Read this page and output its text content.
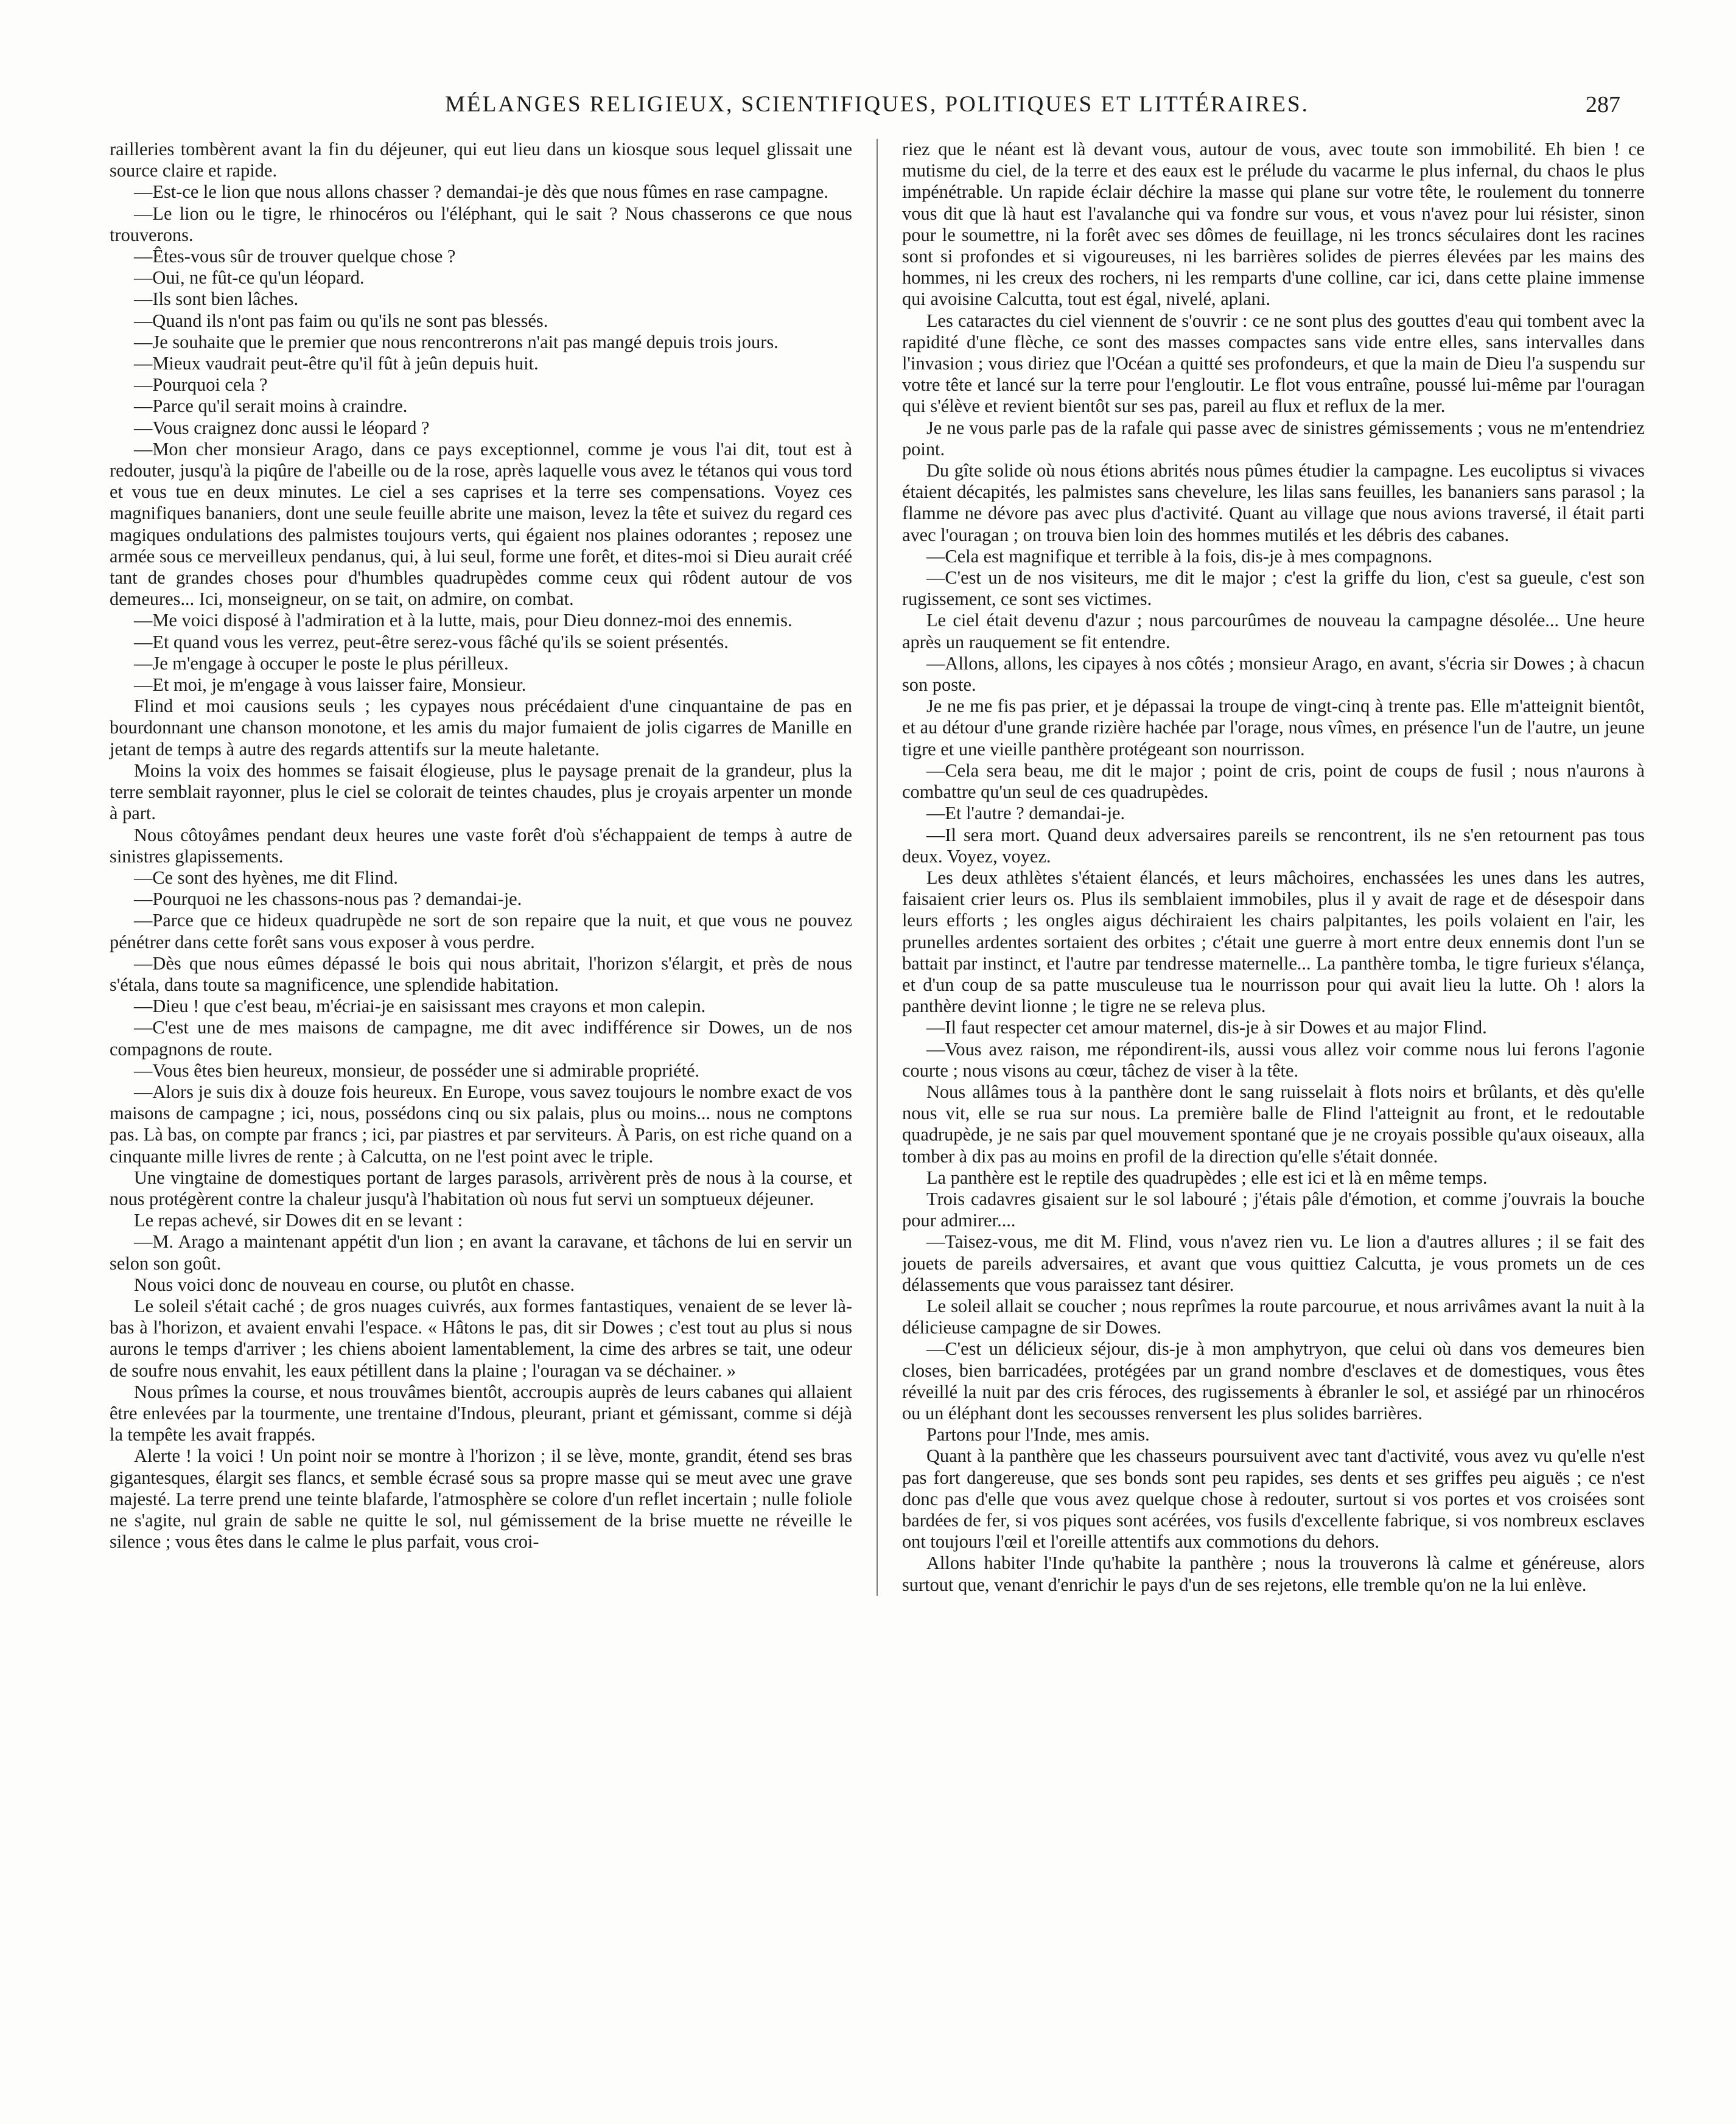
MÉLANGES RELIGIEUX, SCIENTIFIQUES, POLITIQUES ET LITTÉRAIRES.	287

railleries tombèrent avant la fin du déjeuner, qui eut lieu dans un kiosque sous lequel glissait une source claire et rapide.

—Est-ce le lion que nous allons chasser ? demandai-je dès que nous fûmes en rase campagne.

—Le lion ou le tigre, le rhinocéros ou l'éléphant, qui le sait ? Nous chasserons ce que nous trouverons.

—Êtes-vous sûr de trouver quelque chose ?

—Oui, ne fût-ce qu'un léopard.

—Ils sont bien lâches.

—Quand ils n'ont pas faim ou qu'ils ne sont pas blessés.

—Je souhaite que le premier que nous rencontrerons n'ait pas mangé depuis trois jours.

—Mieux vaudrait peut-être qu'il fût à jeûn depuis huit.

—Pourquoi cela ?

—Parce qu'il serait moins à craindre.

—Vous craignez donc aussi le léopard ?

—Mon cher monsieur Arago, dans ce pays exceptionnel, comme je vous l'ai dit, tout est à redouter, jusqu'à la piqûre de l'abeille ou de la rose, après laquelle vous avez le tétanos qui vous tord et vous tue en deux minutes. Le ciel a ses caprises et la terre ses compensations. Voyez ces magnifiques bananiers, dont une seule feuille abrite une maison, levez la tête et suivez du regard ces magiques ondulations des palmistes toujours verts, qui égaient nos plaines odorantes ; reposez une armée sous ce merveilleux pendanus, qui, à lui seul, forme une forêt, et dites-moi si Dieu aurait créé tant de grandes choses pour d'humbles quadrupèdes comme ceux qui rôdent autour de vos demeures... Ici, monseigneur, on se tait, on admire, on combat.

—Me voici disposé à l'admiration et à la lutte, mais, pour Dieu donnez-moi des ennemis.

—Et quand vous les verrez, peut-être serez-vous fâché qu'ils se soient présentés.

—Je m'engage à occuper le poste le plus périlleux.

—Et moi, je m'engage à vous laisser faire, Monsieur.

Flind et moi causions seuls ; les cypayes nous précédaient d'une cinquantaine de pas en bourdonnant une chanson monotone, et les amis du major fumaient de jolis cigarres de Manille en jetant de temps à autre des regards attentifs sur la meute haletante.

Moins la voix des hommes se faisait élogieuse, plus le paysage prenait de la grandeur, plus la terre semblait rayonner, plus le ciel se colorait de teintes chaudes, plus je croyais arpenter un monde à part.

Nous côtoyâmes pendant deux heures une vaste forêt d'où s'échappaient de temps à autre de sinistres glapissements.

—Ce sont des hyènes, me dit Flind.

—Pourquoi ne les chassons-nous pas ? demandai-je.

—Parce que ce hideux quadrupède ne sort de son repaire que la nuit, et que vous ne pouvez pénétrer dans cette forêt sans vous exposer à vous perdre.

—Dès que nous eûmes dépassé le bois qui nous abritait, l'horizon s'élargit, et près de nous s'étala, dans toute sa magnificence, une splendide habitation.

—Dieu ! que c'est beau, m'écriai-je en saisissant mes crayons et mon calepin.

—C'est une de mes maisons de campagne, me dit avec indifférence sir Dowes, un de nos compagnons de route.

—Vous êtes bien heureux, monsieur, de posséder une si admirable propriété.

—Alors je suis dix à douze fois heureux. En Europe, vous savez toujours le nombre exact de vos maisons de campagne ; ici, nous, possédons cinq ou six palais, plus ou moins... nous ne comptons pas. Là bas, on compte par francs ; ici, par piastres et par serviteurs. À Paris, on est riche quand on a cinquante mille livres de rente ; à Calcutta, on ne l'est point avec le triple.

Une vingtaine de domestiques portant de larges parasols, arrivèrent près de nous à la course, et nous protégèrent contre la chaleur jusqu'à l'habitation où nous fut servi un somptueux déjeuner.

Le repas achevé, sir Dowes dit en se levant :

—M. Arago a maintenant appétit d'un lion ; en avant la caravane, et tâchons de lui en servir un selon son goût.

Nous voici donc de nouveau en course, ou plutôt en chasse.

Le soleil s'était caché ; de gros nuages cuivrés, aux formes fantastiques, venaient de se lever là-bas à l'horizon, et avaient envahi l'espace. « Hâtons le pas, dit sir Dowes ; c'est tout au plus si nous aurons le temps d'arriver ; les chiens aboient lamentablement, la cime des arbres se tait, une odeur de soufre nous envahit, les eaux pétillent dans la plaine ; l'ouragan va se déchainer. »

Nous prîmes la course, et nous trouvâmes bientôt, accroupis auprès de leurs cabanes qui allaient être enlevées par la tourmente, une trentaine d'Indous, pleurant, priant et gémissant, comme si déjà la tempête les avait frappés.

Alerte ! la voici ! Un point noir se montre à l'horizon ; il se lève, monte, grandit, étend ses bras gigantesques, élargit ses flancs, et semble écrasé sous sa propre masse qui se meut avec une grave majesté. La terre prend une teinte blafarde, l'atmosphère se colore d'un reflet incertain ; nulle foliole ne s'agite, nul grain de sable ne quitte le sol, nul gémissement de la brise muette ne réveille le silence ; vous êtes dans le calme le plus parfait, vous croi-

riez que le néant est là devant vous, autour de vous, avec toute son immobilité. Eh bien ! ce mutisme du ciel, de la terre et des eaux est le prélude du vacarme le plus infernal, du chaos le plus impénétrable. Un rapide éclair déchire la masse qui plane sur votre tête, le roulement du tonnerre vous dit que là haut est l'avalanche qui va fondre sur vous, et vous n'avez pour lui résister, sinon pour le soumettre, ni la forêt avec ses dômes de feuillage, ni les troncs séculaires dont les racines sont si profondes et si vigoureuses, ni les barrières solides de pierres élevées par les mains des hommes, ni les creux des rochers, ni les remparts d'une colline, car ici, dans cette plaine immense qui avoisine Calcutta, tout est égal, nivelé, aplani.

Les cataractes du ciel viennent de s'ouvrir : ce ne sont plus des gouttes d'eau qui tombent avec la rapidité d'une flèche, ce sont des masses compactes sans vide entre elles, sans intervalles dans l'invasion ; vous diriez que l'Océan a quitté ses profondeurs, et que la main de Dieu l'a suspendu sur votre tête et lancé sur la terre pour l'engloutir. Le flot vous entraîne, poussé lui-même par l'ouragan qui s'élève et revient bientôt sur ses pas, pareil au flux et reflux de la mer.

Je ne vous parle pas de la rafale qui passe avec de sinistres gémissements ; vous ne m'entendriez point.

Du gîte solide où nous étions abrités nous pûmes étudier la campagne. Les eucoliptus si vivaces étaient décapités, les palmistes sans chevelure, les lilas sans feuilles, les bananiers sans parasol ; la flamme ne dévore pas avec plus d'activité. Quant au village que nous avions traversé, il était parti avec l'ouragan ; on trouva bien loin des hommes mutilés et les débris des cabanes.

—Cela est magnifique et terrible à la fois, dis-je à mes compagnons.

—C'est un de nos visiteurs, me dit le major ; c'est la griffe du lion, c'est sa gueule, c'est son rugissement, ce sont ses victimes.

Le ciel était devenu d'azur ; nous parcourûmes de nouveau la campagne désolée... Une heure après un rauquement se fit entendre.

—Allons, allons, les cipayes à nos côtés ; monsieur Arago, en avant, s'écria sir Dowes ; à chacun son poste.

Je ne me fis pas prier, et je dépassai la troupe de vingt-cinq à trente pas. Elle m'atteignit bientôt, et au détour d'une grande rizière hachée par l'orage, nous vîmes, en présence l'un de l'autre, un jeune tigre et une vieille panthère protégeant son nourrisson.

—Cela sera beau, me dit le major ; point de cris, point de coups de fusil ; nous n'aurons à combattre qu'un seul de ces quadrupèdes.

—Et l'autre ? demandai-je.

—Il sera mort. Quand deux adversaires pareils se rencontrent, ils ne s'en retournent pas tous deux. Voyez, voyez.

Les deux athlètes s'étaient élancés, et leurs mâchoires, enchassées les unes dans les autres, faisaient crier leurs os. Plus ils semblaient immobiles, plus il y avait de rage et de désespoir dans leurs efforts ; les ongles aigus déchiraient les chairs palpitantes, les poils volaient en l'air, les prunelles ardentes sortaient des orbites ; c'était une guerre à mort entre deux ennemis dont l'un se battait par instinct, et l'autre par tendresse maternelle... La panthère tomba, le tigre furieux s'élança, et d'un coup de sa patte musculeuse tua le nourrisson pour qui avait lieu la lutte. Oh ! alors la panthère devint lionne ; le tigre ne se releva plus.

—Il faut respecter cet amour maternel, dis-je à sir Dowes et au major Flind.

—Vous avez raison, me répondirent-ils, aussi vous allez voir comme nous lui ferons l'agonie courte ; nous visons au cœur, tâchez de viser à la tête.

Nous allâmes tous à la panthère dont le sang ruisselait à flots noirs et brûlants, et dès qu'elle nous vit, elle se rua sur nous. La première balle de Flind l'atteignit au front, et le redoutable quadrupède, je ne sais par quel mouvement spontané que je ne croyais possible qu'aux oiseaux, alla tomber à dix pas au moins en profil de la direction qu'elle s'était donnée.

La panthère est le reptile des quadrupèdes ; elle est ici et là en même temps.

Trois cadavres gisaient sur le sol labouré ; j'étais pâle d'émotion, et comme j'ouvrais la bouche pour admirer....

—Taisez-vous, me dit M. Flind, vous n'avez rien vu. Le lion a d'autres allures ; il se fait des jouets de pareils adversaires, et avant que vous quittiez Calcutta, je vous promets un de ces délassements que vous paraissez tant désirer.

Le soleil allait se coucher ; nous reprîmes la route parcourue, et nous arrivâmes avant la nuit à la délicieuse campagne de sir Dowes.

—C'est un délicieux séjour, dis-je à mon amphytryon, que celui où dans vos demeures bien closes, bien barricadées, protégées par un grand nombre d'esclaves et de domestiques, vous êtes réveillé la nuit par des cris féroces, des rugissements à ébranler le sol, et assiégé par un rhinocéros ou un éléphant dont les secousses renversent les plus solides barrières.

Partons pour l'Inde, mes amis.

Quant à la panthère que les chasseurs poursuivent avec tant d'activité, vous avez vu qu'elle n'est pas fort dangereuse, que ses bonds sont peu rapides, ses dents et ses griffes peu aiguës ; ce n'est donc pas d'elle que vous avez quelque chose à redouter, surtout si vos portes et vos croisées sont bardées de fer, si vos piques sont acérées, vos fusils d'excellente fabrique, si vos nombreux esclaves ont toujours l'œil et l'oreille attentifs aux commotions du dehors.

Allons habiter l'Inde qu'habite la panthère ; nous la trouverons là calme et généreuse, alors surtout que, venant d'enrichir le pays d'un de ses rejetons, elle tremble qu'on ne la lui enlève.
